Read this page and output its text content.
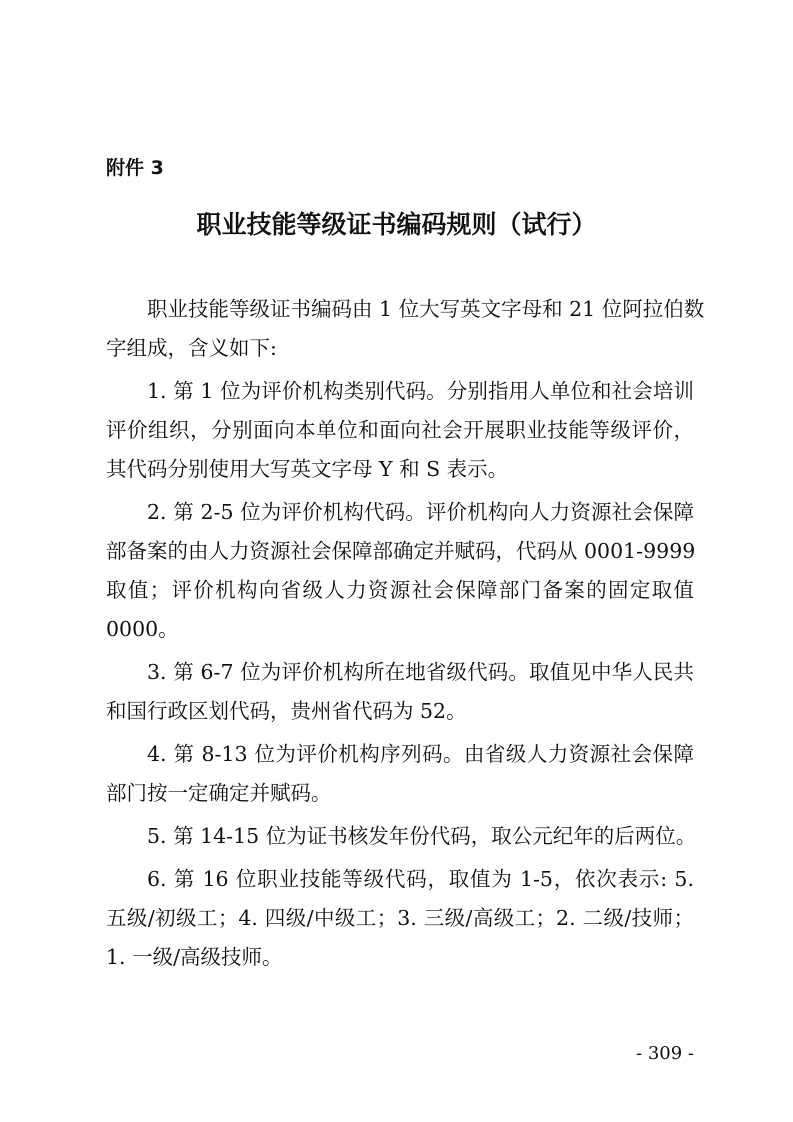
附件 3
职业技能等级证书编码规则（试行）
职业技能等级证书编码由 1 位大写英文字母和 21 位阿拉伯数
字组成，含义如下:
1. 第 1 位为评价机构类别代码。分别指用人单位和社会培训
评价组织，分别面向本单位和面向社会开展职业技能等级评价，
其代码分别使用大写英文字母 Y 和 S 表示。
2. 第 2-5 位为评价机构代码。评价机构向人力资源社会保障
部备案的由人力资源社会保障部确定并赋码，代码从 0001-9999
取值；评价机构向省级人力资源社会保障部门备案的固定取值
0000。
3. 第 6-7 位为评价机构所在地省级代码。取值见中华人民共
和国行政区划代码，贵州省代码为 52。
4. 第 8-13 位为评价机构序列码。由省级人力资源社会保障
部门按一定确定并赋码。
5. 第 14-15 位为证书核发年份代码，取公元纪年的后两位。
6. 第 16 位职业技能等级代码，取值为 1-5，依次表示: 5.
五级/初级工；4. 四级/中级工；3. 三级/高级工；2. 二级/技师；
1. 一级/高级技师。
- 309 -
